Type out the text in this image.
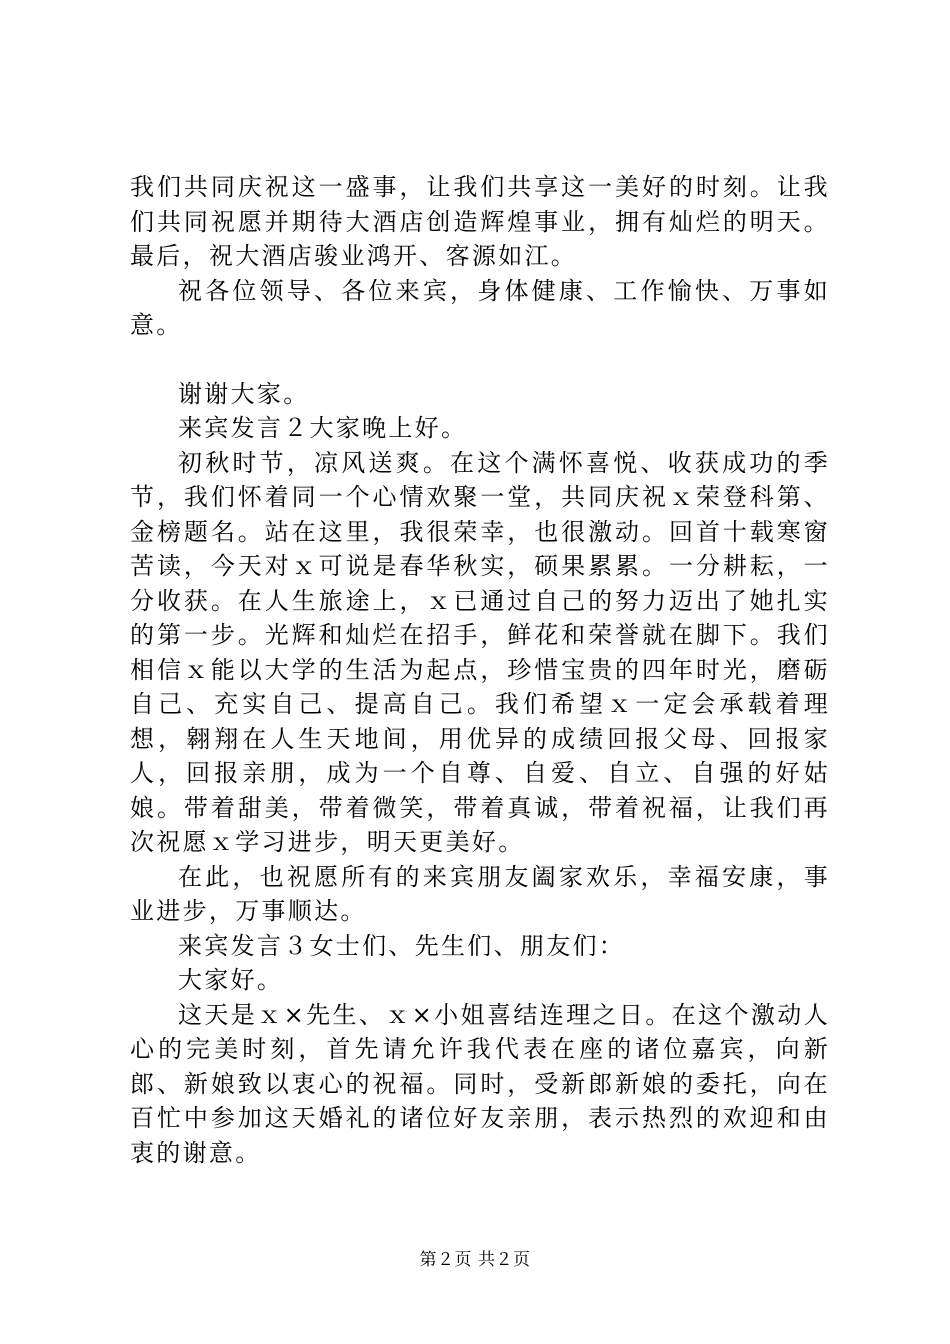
我们共同庆祝这一盛事，让我们共享这一美好的时刻。让我们共同祝愿并期待大酒店创造辉煌事业，拥有灿烂的明天。最后，祝大酒店骏业鸿开、客源如江。

祝各位领导、各位来宾，身体健康、工作愉快、万事如意。

谢谢大家。

来宾发言２大家晚上好。

初秋时节，凉风送爽。在这个满怀喜悦、收获成功的季节，我们怀着同一个心情欢聚一堂，共同庆祝ｘ荣登科第、金榜题名。站在这里，我很荣幸，也很激动。回首十载寒窗苦读，今天对ｘ可说是春华秋实，硕果累累。一分耕耘，一分收获。在人生旅途上，ｘ已通过自己的努力迈出了她扎实的第一步。光辉和灿烂在招手，鲜花和荣誉就在脚下。我们相信ｘ能以大学的生活为起点，珍惜宝贵的四年时光，磨砺自己、充实自己、提高自己。我们希望ｘ一定会承载着理想，翱翔在人生天地间，用优异的成绩回报父母、回报家人，回报亲朋，成为一个自尊、自爱、自立、自强的好姑娘。带着甜美，带着微笑，带着真诚，带着祝福，让我们再次祝愿ｘ学习进步，明天更美好。

在此，也祝愿所有的来宾朋友阖家欢乐，幸福安康，事业进步，万事顺达。

来宾发言３女士们、先生们、朋友们：

大家好。

这天是ｘ×先生、ｘ×小姐喜结连理之日。在这个激动人心的完美时刻，首先请允许我代表在座的诸位嘉宾，向新郎、新娘致以衷心的祝福。同时，受新郎新娘的委托，向在百忙中参加这天婚礼的诸位好友亲朋，表示热烈的欢迎和由衷的谢意。

第２页 共２页
